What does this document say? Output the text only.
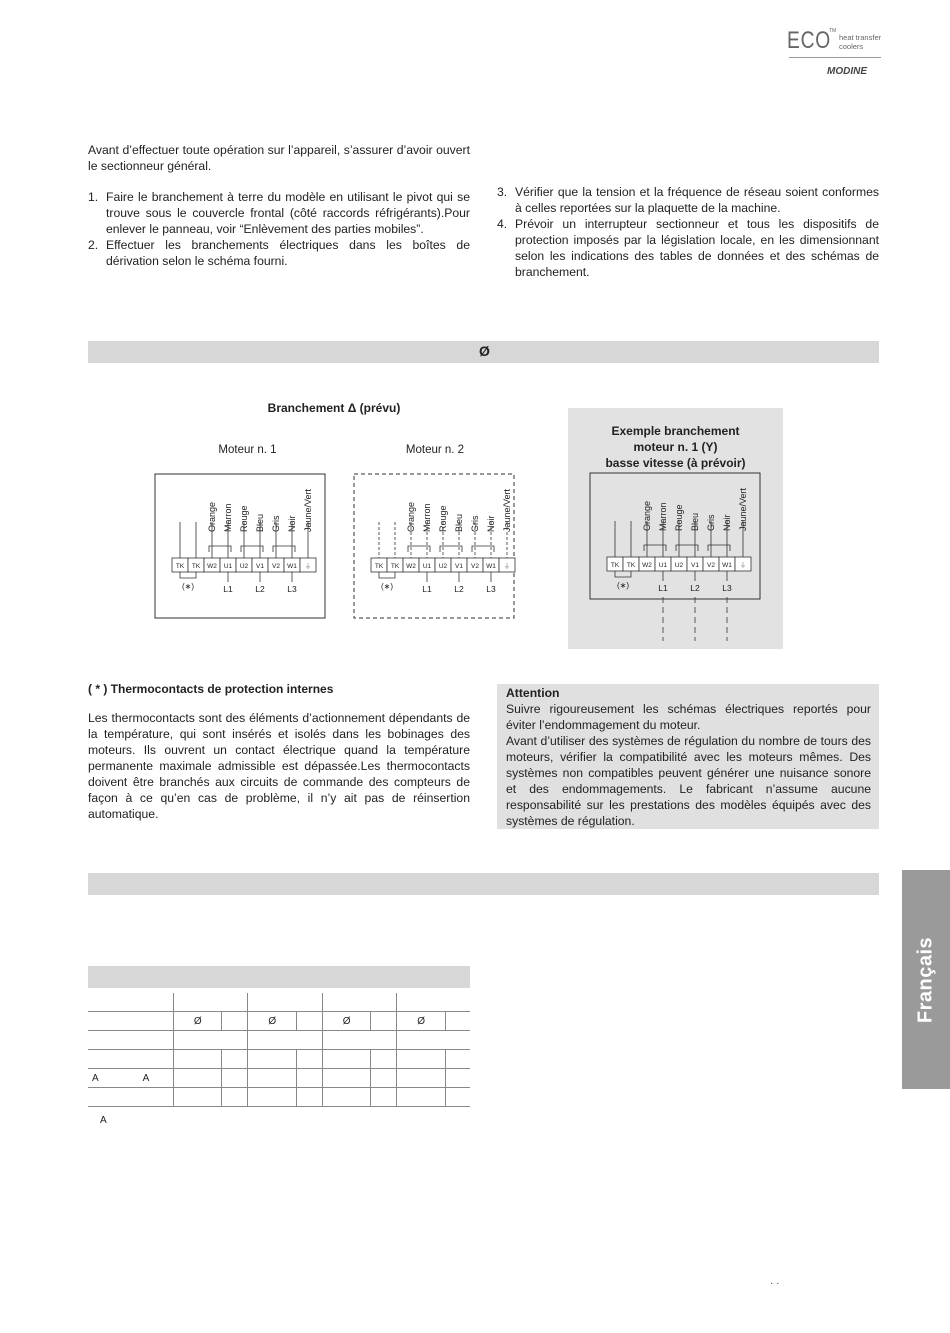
ECO
TM
heat transfer
coolers
MODINE
Avant d’effectuer toute opération sur l’appareil, s’assurer d’avoir ouvert le sectionneur général.
1. Faire le branchement à terre du modèle en utilisant le pivot qui se trouve sous le couvercle frontal (côté raccords réfrigérants).Pour enlever le panneau, voir “Enlèvement des parties mobiles”.
2. Effectuer les branchements électriques dans les boîtes de dérivation selon le schéma fourni.
3. Vérifier que la tension et la fréquence de réseau soient conformes à celles reportées sur la plaquette de la machine.
4. Prévoir un interrupteur sectionneur et tous les dispositifs de protection imposés par la législation locale, en les dimensionnant selon les indications des tables de données et des schémas de branchement.
Ø
Branchement Δ (prévu)
Moteur n. 1	Moteur n. 2
Exemple branchement
moteur n. 1 (Y)
basse vitesse (à prévoir)
TK TK W2 U1 U2 V1 V2 W1 ⏚
Orange Marron Rouge Bleu Gris Noir Jaune/Vert
(∗)	L1	L2	L3
TK TK W2 U1 U2 V1 V2 W1 ⏚
Orange Marron Rouge Bleu Gris Noir Jaune/Vert
(∗)	L1	L2	L3
TK TK W2 U1 U2 V1 V2 W1 ⏚
Orange Marron Rouge Bleu Gris Noir Jaune/Vert
(∗)	L1	L2	L3
( * ) Thermocontacts de protection internes
Les thermocontacts sont des éléments d’actionnement dépendants de la température, qui sont insérés et isolés dans les bobinages des moteurs. Ils ouvrent un contact électrique quand la température permanente maximale admissible est dépassée.Les thermocontacts doivent être branchés aux circuits de commande des compteurs de façon à ce qu’en cas de problème, il n’y ait pas de réinsertion automatique.
Attention
Suivre rigoureusement les schémas électriques reportés pour éviter l’endommagement du moteur.
Avant d’utiliser des systèmes de régulation du nombre de tours des moteurs, vérifier la compatibilité avec les moteurs mêmes. Des systèmes non compatibles peuvent générer une nuisance sonore et des endommagements. Le fabricant n’assume aucune responsabilité sur les prestations des modèles équipés avec des systèmes de régulation.

	Ø		Ø		Ø		Ø	

A A								

A
Français
· ·
